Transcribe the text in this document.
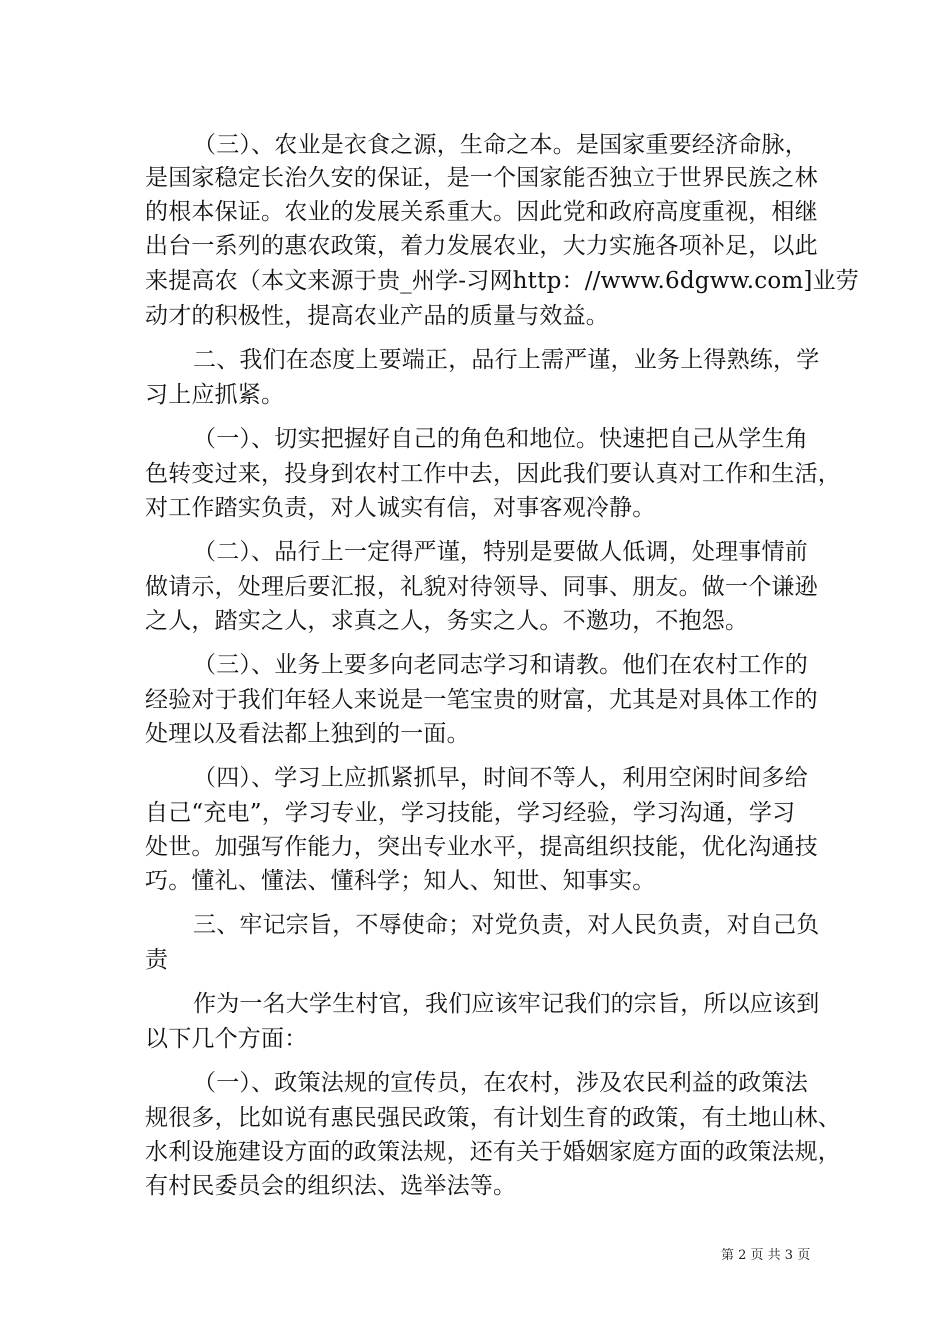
（三）、农业是衣食之源，生命之本。是国家重要经济命脉，
是国家稳定长治久安的保证，是一个国家能否独立于世界民族之林
的根本保证。农业的发展关系重大。因此党和政府高度重视，相继
出台一系列的惠农政策，着力发展农业，大力实施各项补足，以此
来提高农（本文来源于贵_州学-习网http：//www.6dgww.com]业劳
动才的积极性，提高农业产品的质量与效益。
二、我们在态度上要端正，品行上需严谨，业务上得熟练，学
习上应抓紧。
（一）、切实把握好自己的角色和地位。快速把自己从学生角
色转变过来，投身到农村工作中去，因此我们要认真对工作和生活，
对工作踏实负责，对人诚实有信，对事客观冷静。
（二）、品行上一定得严谨，特别是要做人低调，处理事情前
做请示，处理后要汇报，礼貌对待领导、同事、朋友。做一个谦逊
之人，踏实之人，求真之人，务实之人。不邀功，不抱怨。
（三）、业务上要多向老同志学习和请教。他们在农村工作的
经验对于我们年轻人来说是一笔宝贵的财富，尤其是对具体工作的
处理以及看法都上独到的一面。
（四）、学习上应抓紧抓早，时间不等人，利用空闲时间多给
自己“充电”，学习专业，学习技能，学习经验，学习沟通，学习
处世。加强写作能力，突出专业水平，提高组织技能，优化沟通技
巧。懂礼、懂法、懂科学；知人、知世、知事实。
三、牢记宗旨，不辱使命；对党负责，对人民负责，对自己负
责
作为一名大学生村官，我们应该牢记我们的宗旨，所以应该到
以下几个方面：
（一）、政策法规的宣传员，在农村，涉及农民利益的政策法
规很多，比如说有惠民强民政策，有计划生育的政策，有土地山林、
水利设施建设方面的政策法规，还有关于婚姻家庭方面的政策法规，
有村民委员会的组织法、选举法等。
第 2 页 共 3 页
